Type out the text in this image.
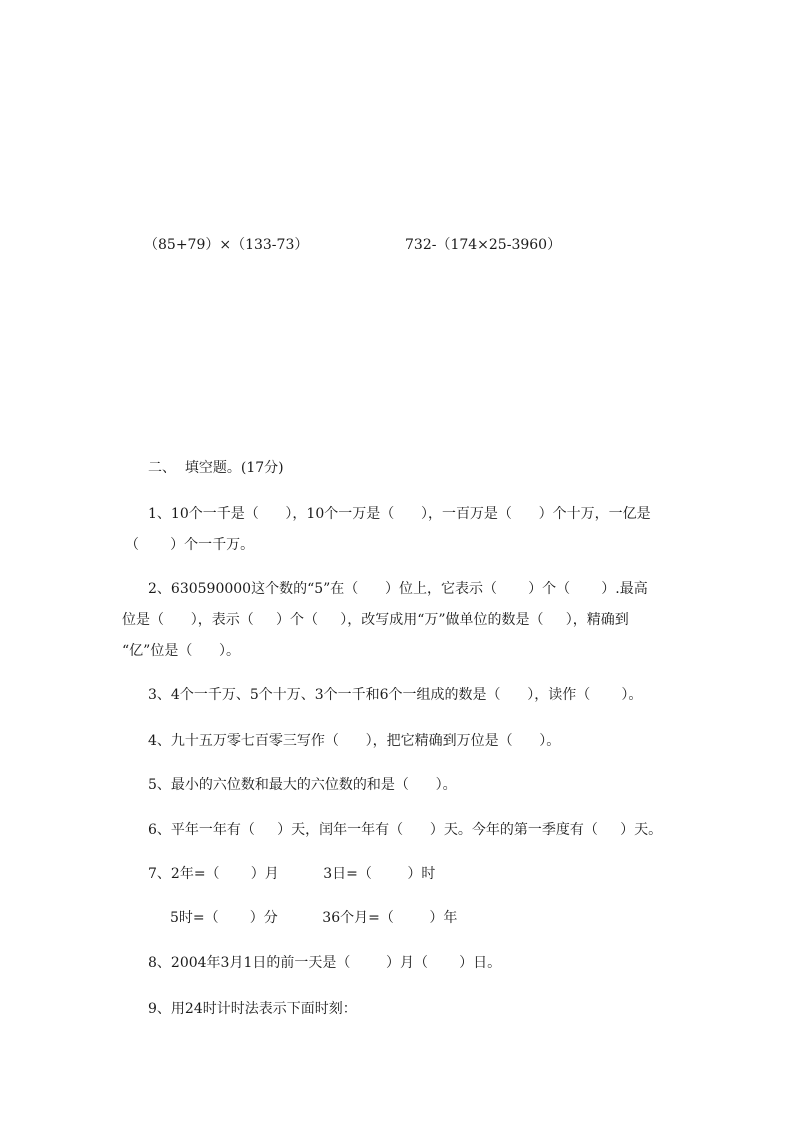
（85+79）×（133-73）	732-（174×25-3960）
二、  填空题。(17分)
1、10个一千是（      ），10个一万是（      ），一百万是（      ）个十万，一亿是
（       ）个一千万。
2、630590000这个数的“5”在（      ）位上，它表示（       ）个（       ）.最高
位是（      ），表示（     ）个（     ），改写成用“万”做单位的数是（     ），精确到
“亿”位是（      ）。
3、4个一千万、5个十万、3个一千和6个一组成的数是（      ），读作（       ）。
4、九十五万零七百零三写作（      ），把它精确到万位是（      ）。
5、最小的六位数和最大的六位数的和是（      ）。
6、平年一年有（     ）天，闰年一年有（      ）天。今年的第一季度有（     ）天。
7、2年=（       ）月          3日=（        ）时
5时=（       ）分          36个月=（        ）年
8、2004年3月1日的前一天是（        ）月（       ）日。
9、用24时计时法表示下面时刻：
